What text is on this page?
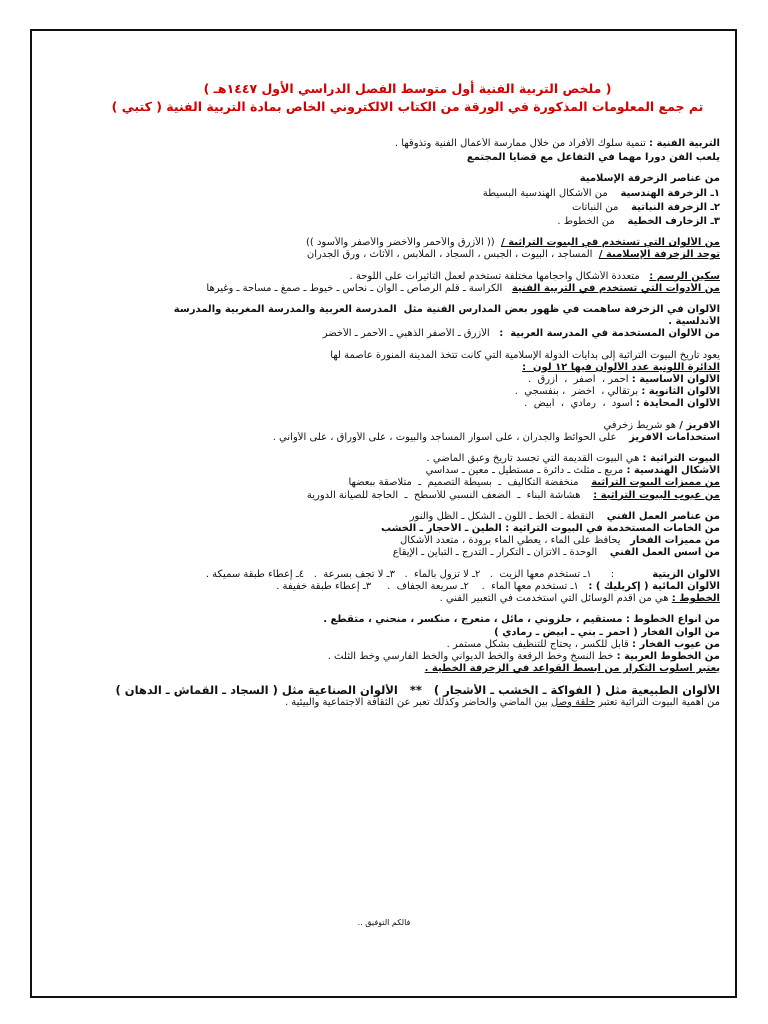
( ملخص التربية الفنية أول متوسط الفصل الدراسي الأول ١٤٤٧هـ )
تم جمع المعلومات المذكورة في الورقة من الكتاب الالكتروني الخاص بمادة التربية الفنية ( كتبي )
التربية الفنية : تنمية سلوك الأفراد من خلال ممارسة الأعمال الفنية وتذوقها .
يلعب الفن دورا مهما في التفاعل مع قضايا المجتمع
من عناصر الزخرفة الإسلامية
١ـ الزخرفة الهندسية    من الأشكال الهندسية البسيطة
٢ـ الزخرفة النباتية    من النباتات
٣ـ الزخارف الخطية    من الخطوط .
من الألوان التي تستخدم في البيوت التراثية /  (( الأزرق والأحمر والأخضر والأصفر والأسود ))
توجد الزخرفة الإسلامية /  المساجد ، البيوت ، الجبس ، السجاد ، الملابس ، الأثاث ، ورق الجدران
سكين الرسم :   متعددة الأشكال وأحجامها مختلفة تستخدم لعمل التأثيرات على اللوحة .
من الأدوات التي تستخدم في التربية الفنية   الكراسة ـ قلم الرصاص ـ ألوان ـ نحاس ـ خيوط ـ صمغ ـ مساحة ـ وغيرها
الألوان في الزخرفة ساهمت في ظهور بعض المدارس الفنية مثل  المدرسة العربية والمدرسة المغربية والمدرسة
الأندلسية .
من الألوان المستخدمة في المدرسة العربية  :   الأزرق ـ الأصفر الذهبي ـ الأحمر ـ الأخضر
يعود تاريخ البيوت التراثية إلى بدايات الدولة الإسلامية التي كانت تتخذ المدينة المنورة عاصمة لها
الدائرة اللونية عدد الألوان فيها ١٢ لون  :
الألوان الأساسية : أحمر ،  أصفر  ،  أزرق  .
الألوان الثانوية : برتقالي ،  أخضر  ، بنفسجي  .
الألوان المحايدة : أسود  ،  رمادي  ،  أبيض  .
الافريز / هو شريط زخرفي
استخدامات الافريز    على الحوائط والجدران ، على أسوار المساجد والبيوت ، على الأوراق ، على الأواني .
البيوت التراثية : هي البيوت القديمة التي تجسد تاريخ وعبق الماضي .
الأشكال الهندسية : مربع ـ مثلث ـ دائرة ـ مستطيل ـ معين ـ سداسي
من مميزات البيوت التراثية    منخفضة التكاليف  ـ  بسيطة التصميم  ـ  متلاصقة ببعضها
من عيوب البيوت التراثية :    هشاشة البناء  ـ  الضعف النسبي للأسطح  ـ  الحاجة للصيانة الدورية
من عناصر العمل الفني    النقطة ـ الخط ـ اللون ـ الشكل ـ الظل والنور
من الخامات المستخدمة في البيوت التراثية : الطين ـ الأحجار ـ الخشب
من مميزات الفخار   يحافظ على الماء ، يعطي الماء برودة ، متعدد الأشكال
من أسس العمل الفني    الوحدة ـ الاتزان ـ التكرار ـ التدرج ـ التباين ـ الإيقاع
الألوان الزيتية            :      ١ـ تستخدم معها الزيت  .   ٢ـ لا تزول بالماء  .   ٣ـ لا تجف بسرعة  .   ٤ـ إعطاء طبقة سميكة .
الألوان المائية ( إكريليك ) :   ١ـ تستخدم معها الماء  .    ٢ـ سريعة الجفاف  .     ٣ـ إعطاء طبقة خفيفة .
الخطوط : هي من أقدم الوسائل التي استخدمت في التعبير الفني .
من أنواع الخطوط : مستقيم ، حلزوني ، مائل ، متعرج ، منكسر ، منحني ، متقطع .
من ألوان الفخار ( أحمر ـ بني ـ أبيض ـ رمادي )
من عيوب الفخار : قابل للكسر ، يحتاج للتنظيف بشكل مستمر .
من الخطوط العربية : خط النسخ وخط الرقعة والخط الديواني والخط الفارسي وخط الثلث .
يعتبر أسلوب التكرار من أبسط القواعد في الزخرفة الخطية .
الألوان الطبيعية مثل ( الفواكة ـ الخشب ـ الأشجار )   **   الألوان الصناعية مثل ( السجاد ـ القماش ـ الدهان )
من أهمية البيوت التراثية تعتبر حلقة وصل بين الماضي والحاضر وكذلك تعبر عن الثقافة الاجتماعية والبيئية .
فالكم التوفيق ..
